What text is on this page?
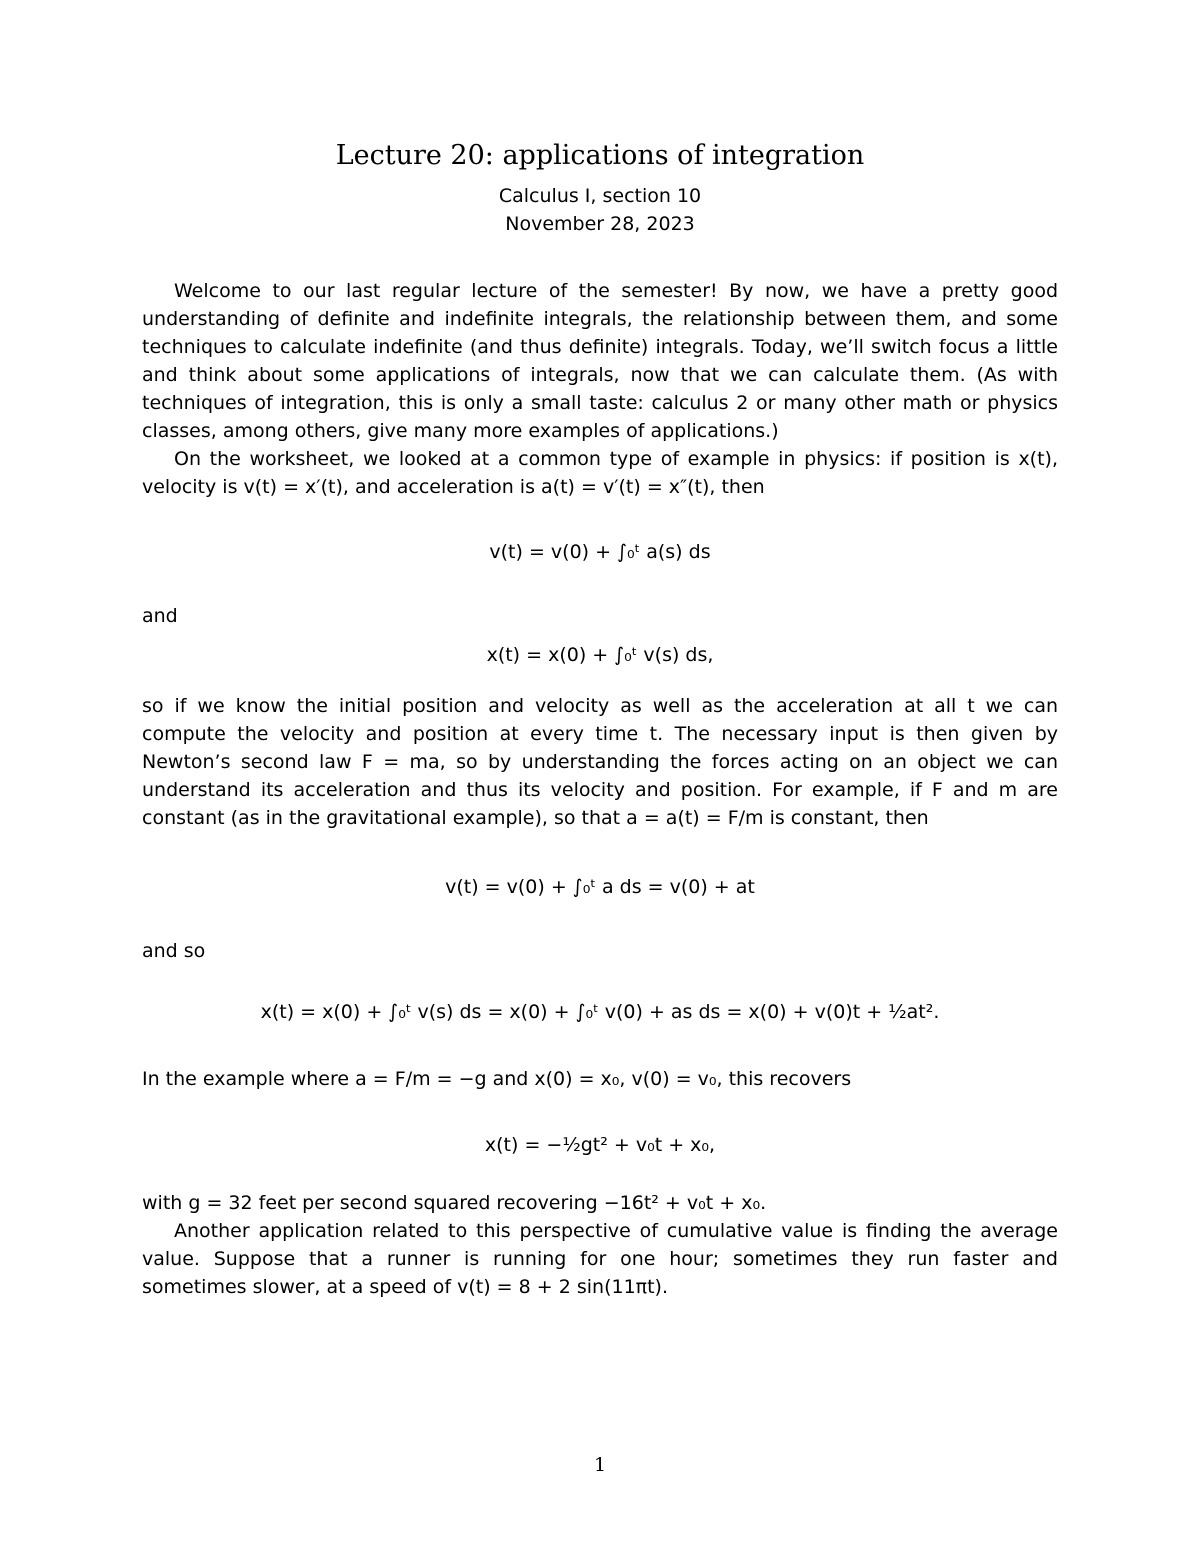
Lecture 20: applications of integration
Calculus I, section 10
November 28, 2023

Welcome to our last regular lecture of the semester! By now, we have a pretty good understanding of definite and indefinite integrals, the relationship between them, and some techniques to calculate indefinite (and thus definite) integrals. Today, we’ll switch focus a little and think about some applications of integrals, now that we can calculate them. (As with techniques of integration, this is only a small taste: calculus 2 or many other math or physics classes, among others, give many more examples of applications.)

On the worksheet, we looked at a common type of example in physics: if position is x(t), velocity is v(t) = x′(t), and acceleration is a(t) = v′(t) = x″(t), then

v(t) = v(0) + ∫₀ᵗ a(s) ds
and
x(t) = x(0) + ∫₀ᵗ v(s) ds,

so if we know the initial position and velocity as well as the acceleration at all t we can compute the velocity and position at every time t. The necessary input is then given by Newton’s second law F = ma, so by understanding the forces acting on an object we can understand its acceleration and thus its velocity and position. For example, if F and m are constant (as in the gravitational example), so that a = a(t) = F/m is constant, then

v(t) = v(0) + ∫₀ᵗ a ds = v(0) + at
and so
x(t) = x(0) + ∫₀ᵗ v(s) ds = x(0) + ∫₀ᵗ v(0) + as ds = x(0) + v(0)t + ½at².

In the example where a = F/m = −g and x(0) = x₀, v(0) = v₀, this recovers

x(t) = −½gt² + v₀t + x₀,

with g = 32 feet per second squared recovering −16t² + v₀t + x₀.

Another application related to this perspective of cumulative value is finding the average value. Suppose that a runner is running for one hour; sometimes they run faster and sometimes slower, at a speed of v(t) = 8 + 2 sin(11πt).

1
